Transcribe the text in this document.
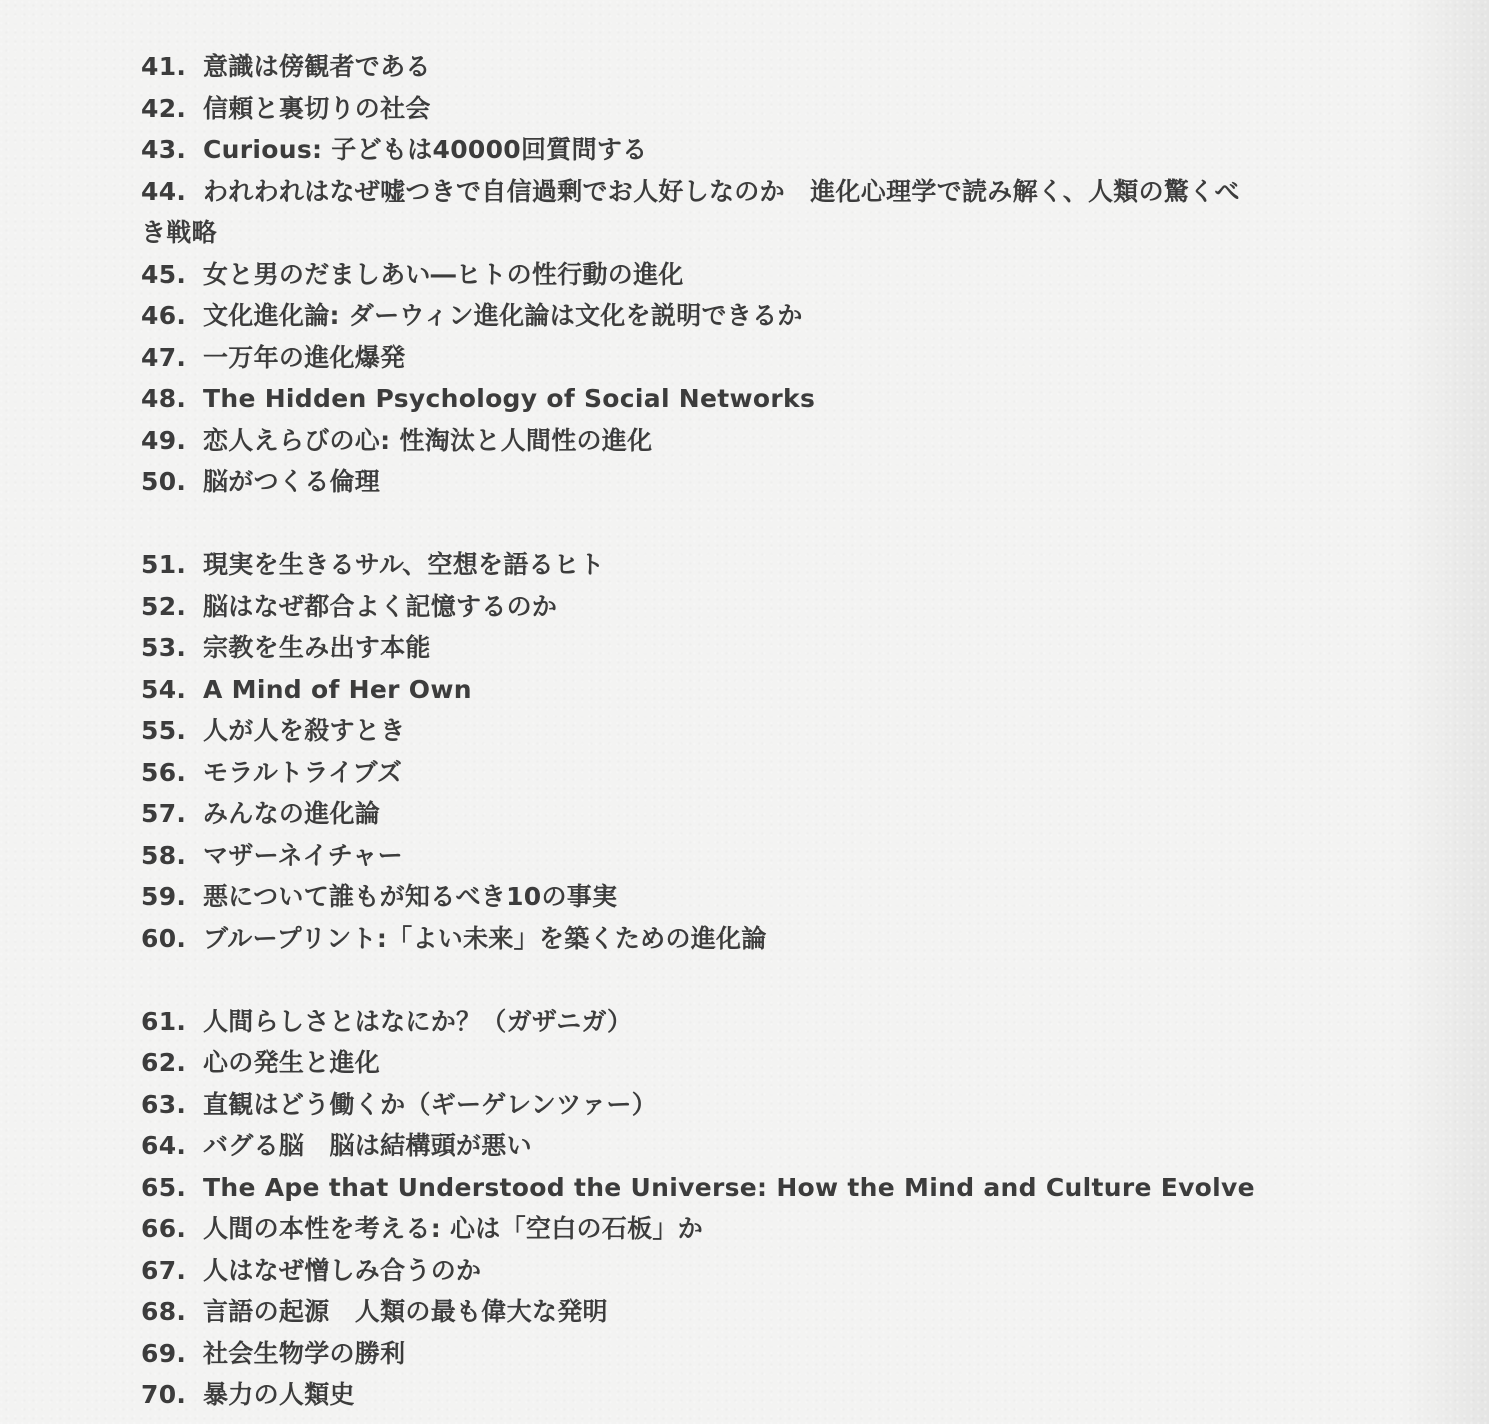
41. 意識は傍観者である
42. 信頼と裏切りの社会
43. Curious: 子どもは40000回質問する
44. われわれはなぜ嘘つきで自信過剰でお人好しなのか　進化心理学で読み解く、人類の驚くべき戦略
45. 女と男のだましあい―ヒトの性行動の進化
46. 文化進化論: ダーウィン進化論は文化を説明できるか
47. 一万年の進化爆発
48. The Hidden Psychology of Social Networks
49. 恋人えらびの心: 性淘汰と人間性の進化
50. 脳がつくる倫理
51. 現実を生きるサル、空想を語るヒト
52. 脳はなぜ都合よく記憶するのか
53. 宗教を生み出す本能
54. A Mind of Her Own
55. 人が人を殺すとき
56. モラルトライブズ
57. みんなの進化論
58. マザーネイチャー
59. 悪について誰もが知るべき10の事実
60. ブループリント:「よい未来」を築くための進化論
61. 人間らしさとはなにか？（ガザニガ）
62. 心の発生と進化
63. 直観はどう働くか（ギーゲレンツァー）
64. バグる脳　脳は結構頭が悪い
65. The Ape that Understood the Universe: How the Mind and Culture Evolve
66. 人間の本性を考える: 心は「空白の石板」か
67. 人はなぜ憎しみ合うのか
68. 言語の起源　人類の最も偉大な発明
69. 社会生物学の勝利
70. 暴力の人類史
